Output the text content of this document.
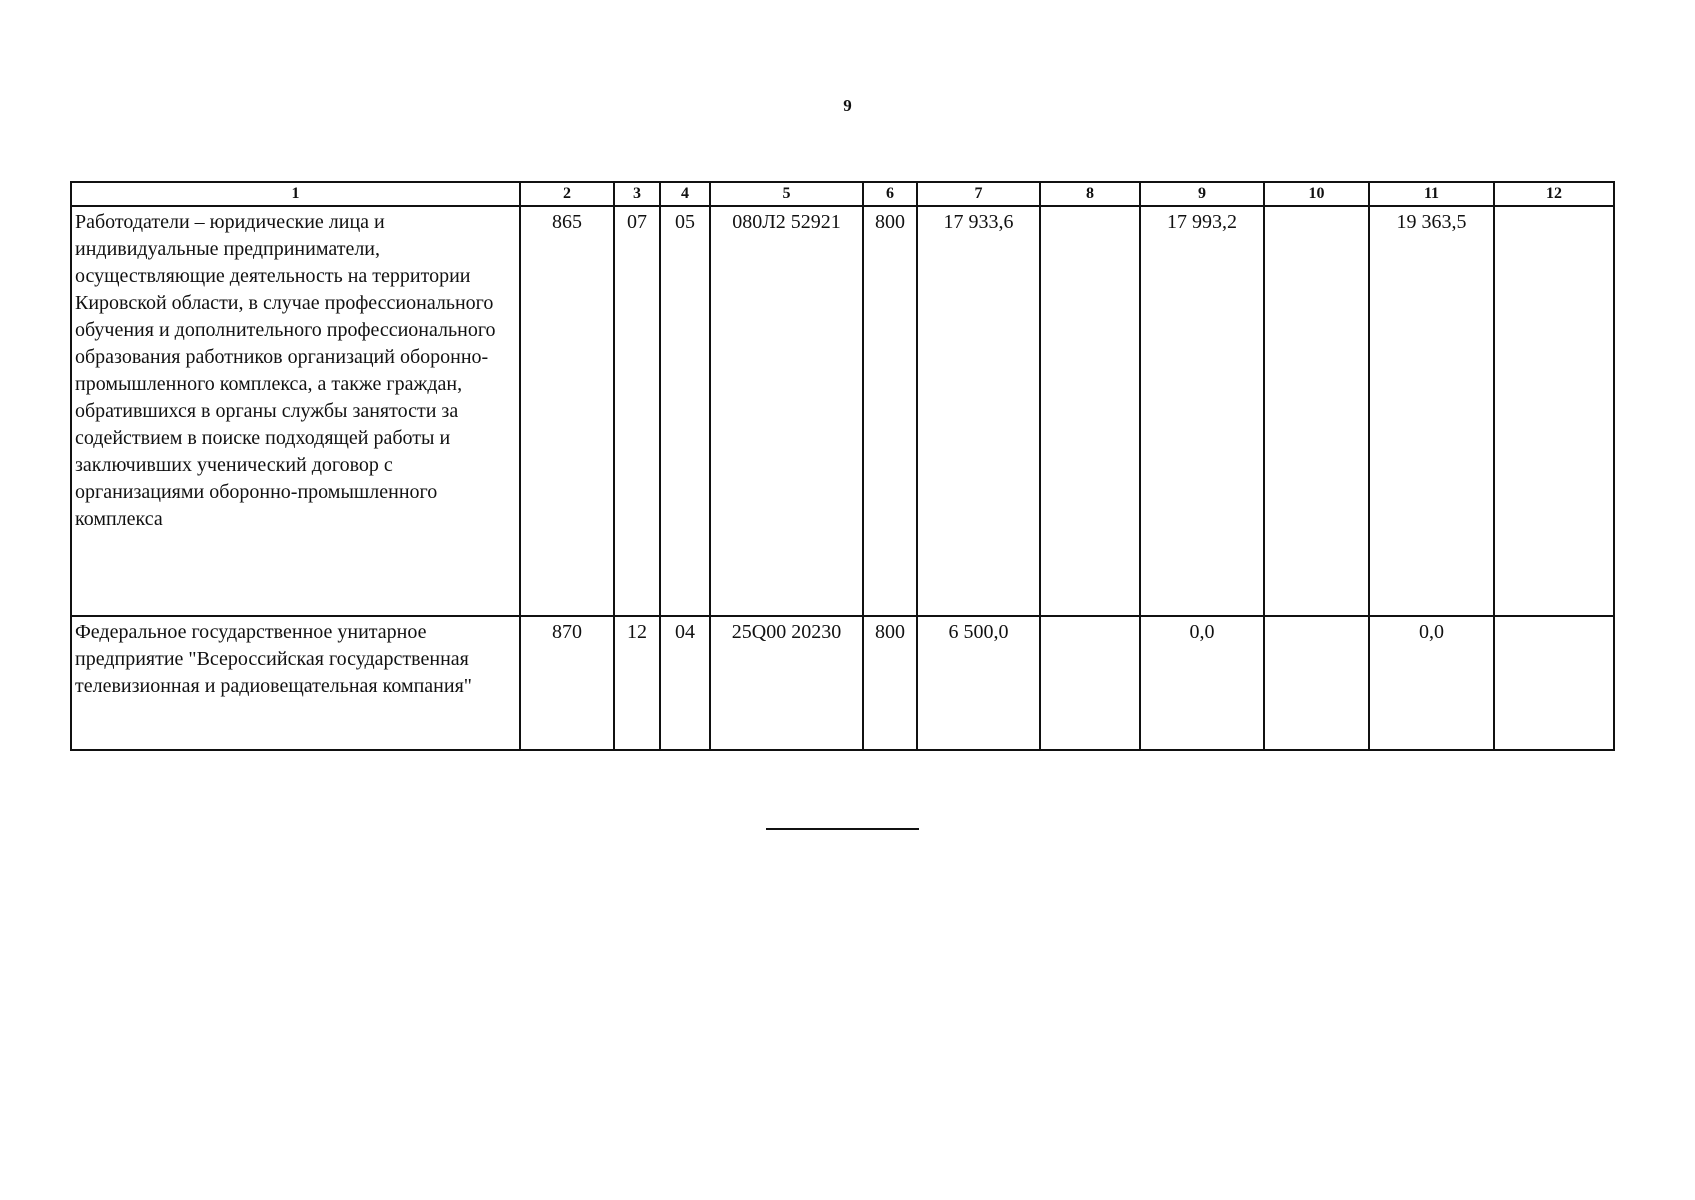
9
1	2	3	4	5	6	7	8	9	10	11	12
Работодатели – юридические лица и индивидуальные предприниматели, осуществляющие деятельность на территории Кировской области, в случае профессионального обучения и дополнительного профессионального образования работников организаций оборонно-промышленного комплекса, а также граждан, обратившихся в органы службы занятости за содействием в поиске подходящей работы и заключивших ученический договор с организациями оборонно-промышленного комплекса	865	07	05	080Л2 52921	800	17 933,6		17 993,2		19 363,5	
Федеральное государственное унитарное предприятие "Всероссийская государственная телевизионная и радиовещательная компания"	870	12	04	25Q00 20230	800	6 500,0		0,0		0,0	
